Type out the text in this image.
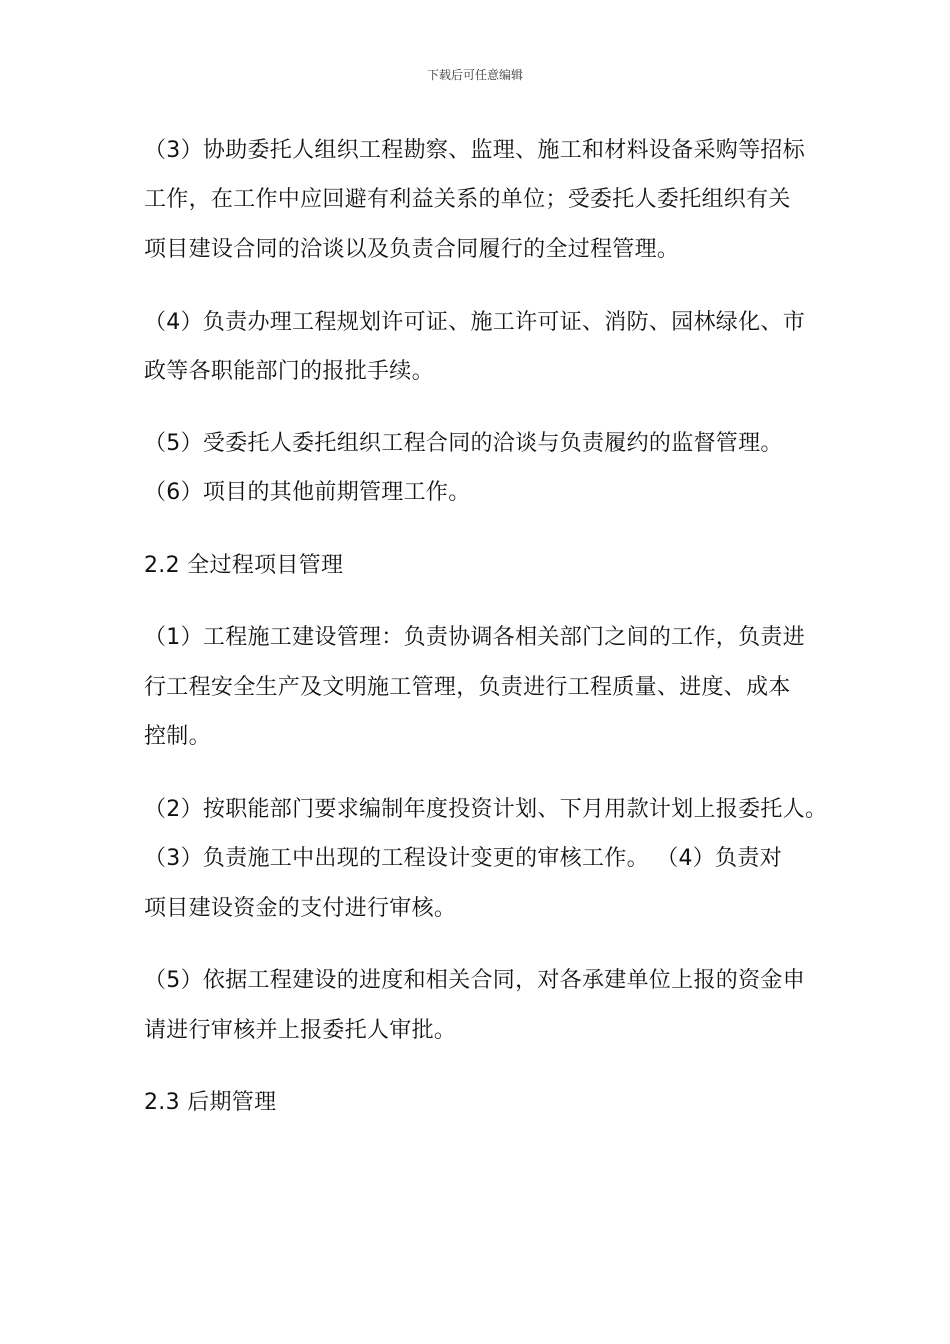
下载后可任意编辑
（3）协助委托人组织工程勘察、监理、施工和材料设备采购等招标
工作，在工作中应回避有利益关系的单位；受委托人委托组织有关
项目建设合同的洽谈以及负责合同履行的全过程管理。
（4）负责办理工程规划许可证、施工许可证、消防、园林绿化、市
政等各职能部门的报批手续。
（5）受委托人委托组织工程合同的洽谈与负责履约的监督管理。
（6）项目的其他前期管理工作。
2.2 全过程项目管理
（1）工程施工建设管理：负责协调各相关部门之间的工作，负责进
行工程安全生产及文明施工管理，负责进行工程质量、进度、成本
控制。
（2）按职能部门要求编制年度投资计划、下月用款计划上报委托人。
（3）负责施工中出现的工程设计变更的审核工作。 （4）负责对
项目建设资金的支付进行审核。
（5）依据工程建设的进度和相关合同，对各承建单位上报的资金申
请进行审核并上报委托人审批。
2.3 后期管理
